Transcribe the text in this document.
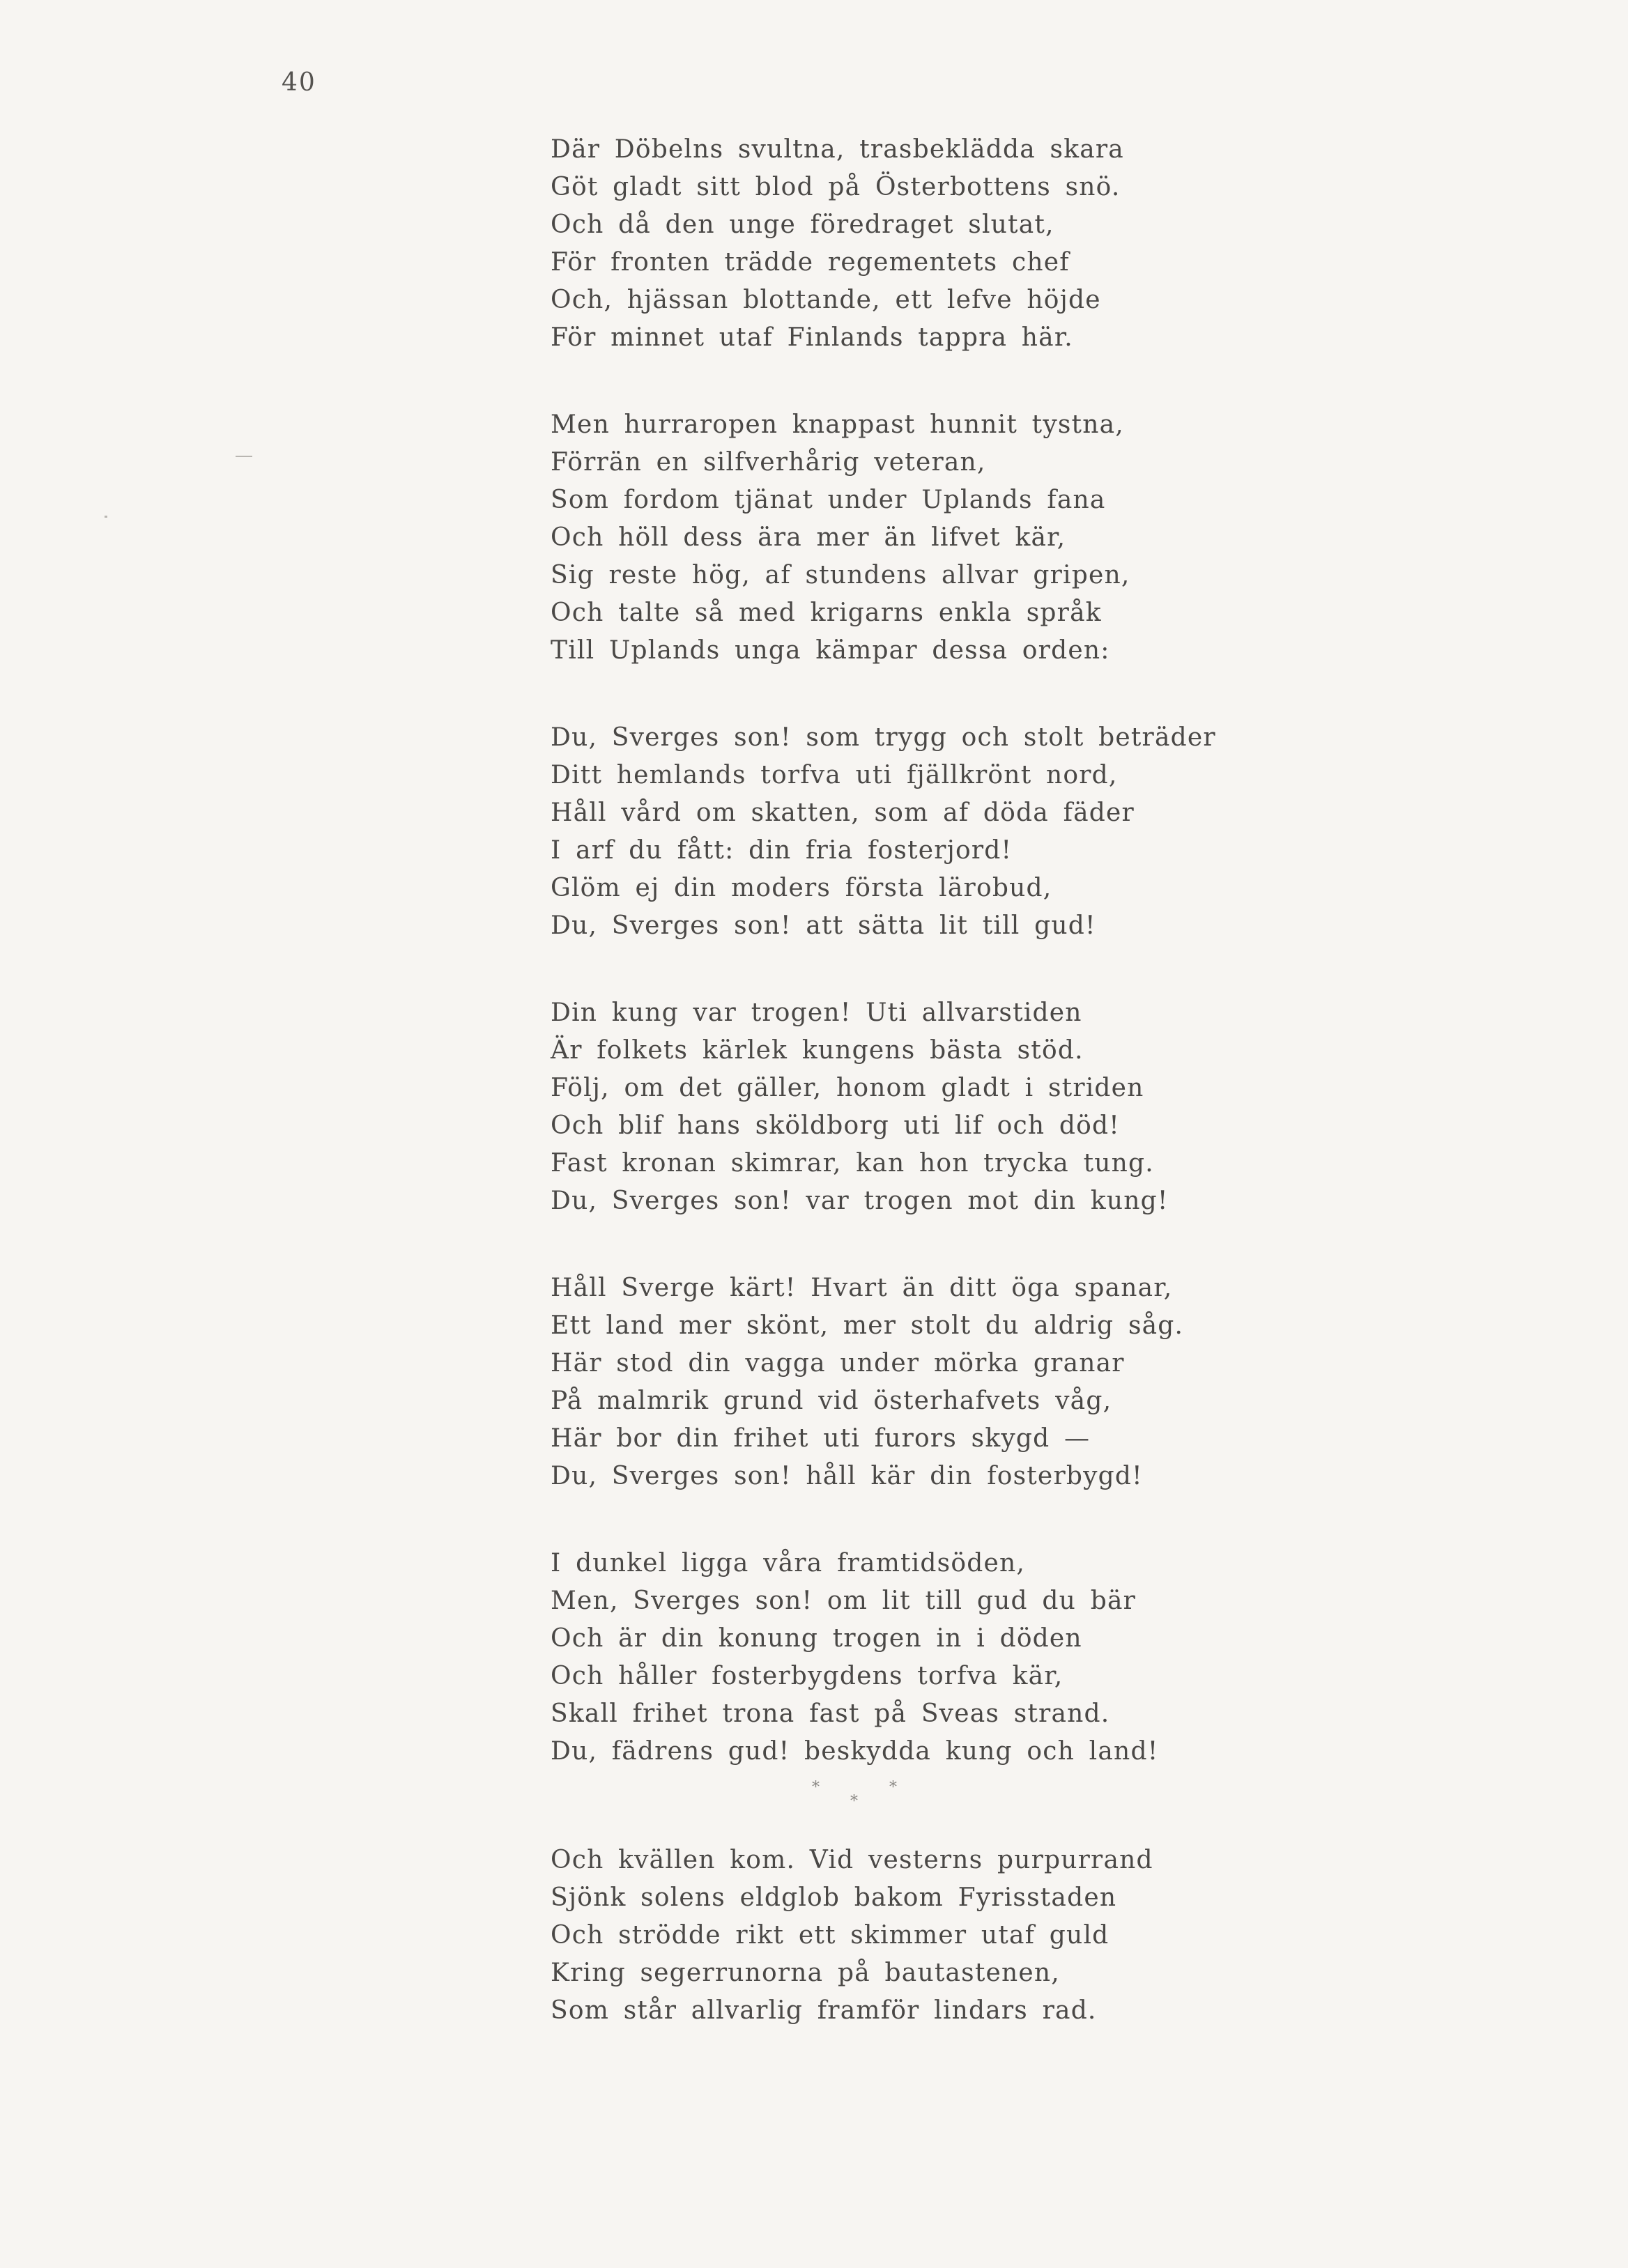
40
Där Döbelns svultna, trasbeklädda skara
Göt gladt sitt blod på Österbottens snö.
Och då den unge föredraget slutat,
För fronten trädde regementets chef
Och, hjässan blottande, ett lefve höjde
För minnet utaf Finlands tappra här.
Men hurraropen knappast hunnit tystna,
Förrän en silfverhårig veteran,
Som fordom tjänat under Uplands fana
Och höll dess ära mer än lifvet kär,
Sig reste hög, af stundens allvar gripen,
Och talte så med krigarns enkla språk
Till Uplands unga kämpar dessa orden:
Du, Sverges son! som trygg och stolt beträder
Ditt hemlands torfva uti fjällkrönt nord,
Håll vård om skatten, som af döda fäder
I arf du fått: din fria fosterjord!
Glöm ej din moders första lärobud,
Du, Sverges son! att sätta lit till gud!
Din kung var trogen! Uti allvarstiden
Är folkets kärlek kungens bästa stöd.
Följ, om det gäller, honom gladt i striden
Och blif hans sköldborg uti lif och död!
Fast kronan skimrar, kan hon trycka tung.
Du, Sverges son! var trogen mot din kung!
Håll Sverge kärt! Hvart än ditt öga spanar,
Ett land mer skönt, mer stolt du aldrig såg.
Här stod din vagga under mörka granar
På malmrik grund vid österhafvets våg,
Här bor din frihet uti furors skygd —
Du, Sverges son! håll kär din fosterbygd!
I dunkel ligga våra framtidsöden,
Men, Sverges son! om lit till gud du bär
Och är din konung trogen in i döden
Och håller fosterbygdens torfva kär,
Skall frihet trona fast på Sveas strand.
Du, fädrens gud! beskydda kung och land!
*
*
*
Och kvällen kom. Vid vesterns purpurrand
Sjönk solens eldglob bakom Fyrisstaden
Och strödde rikt ett skimmer utaf guld
Kring segerrunorna på bautastenen,
Som står allvarlig framför lindars rad.
